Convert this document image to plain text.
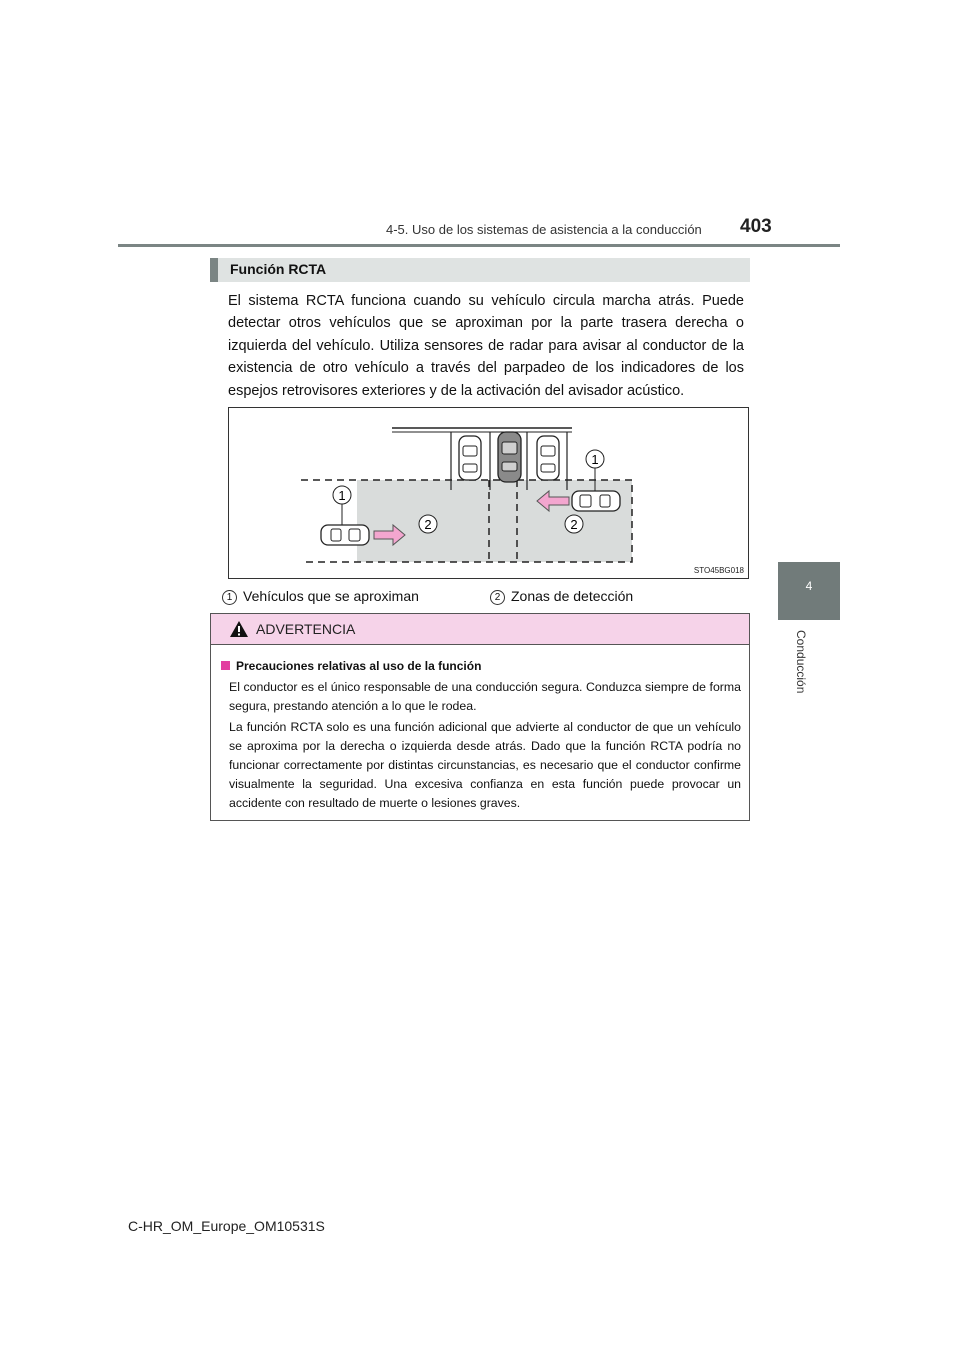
4-5. Uso de los sistemas de asistencia a la conducción 403
4
Conducción
Función RCTA
El sistema RCTA funciona cuando su vehículo circula marcha atrás. Puede detectar otros vehículos que se aproximan por la parte trasera derecha o izquierda del vehículo. Utiliza sensores de radar para avisar al conductor de la existencia de otro vehículo a través del parpadeo de los indicadores de los espejos retrovisores exteriores y de la activación del avisador acústico.
1
1
2	2
STO45BG018
1 Vehículos que se aproximan	2 Zonas de detección
ADVERTENCIA
Precauciones relativas al uso de la función
El conductor es el único responsable de una conducción segura. Conduzca siempre de forma segura, prestando atención a lo que le rodea.
La función RCTA solo es una función adicional que advierte al conductor de que un vehículo se aproxima por la derecha o izquierda desde atrás. Dado que la función RCTA podría no funcionar correctamente por distintas circunstancias, es necesario que el conductor confirme visualmente la seguridad. Una excesiva confianza en esta función puede provocar un accidente con resultado de muerte o lesiones graves.
C-HR_OM_Europe_OM10531S
